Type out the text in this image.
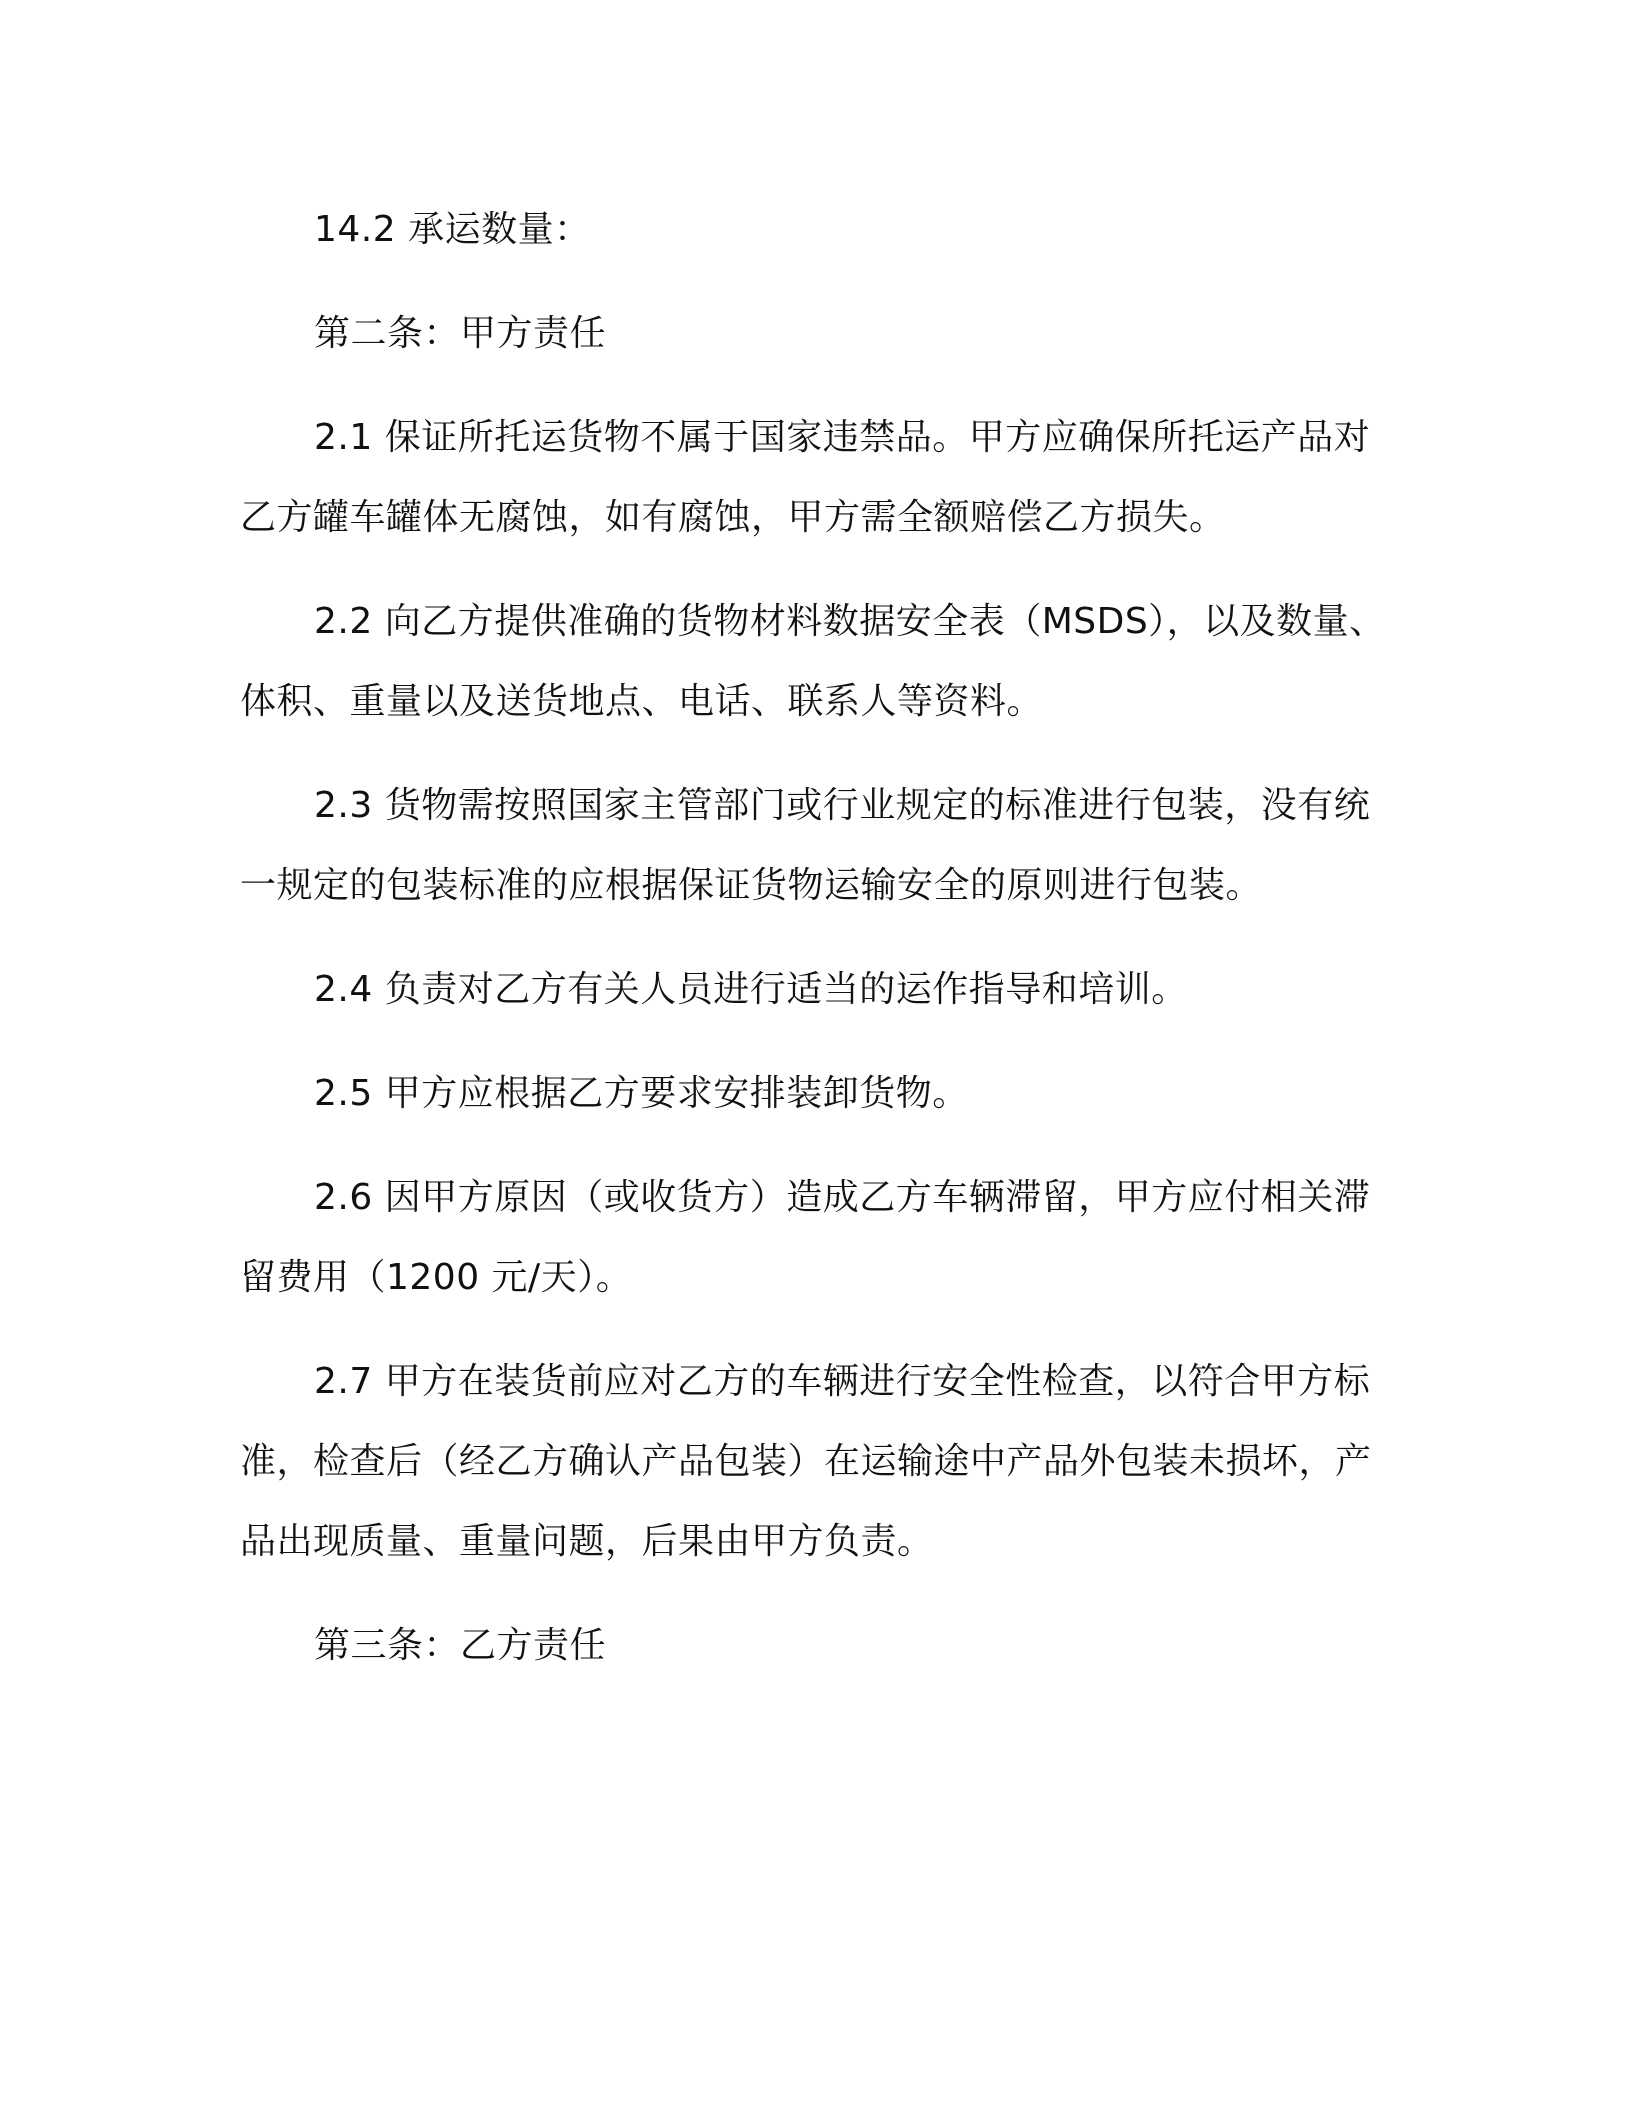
14.2 承运数量：

第二条：甲方责任

2.1 保证所托运货物不属于国家违禁品。甲方应确保所托运产品对乙方罐车罐体无腐蚀，如有腐蚀，甲方需全额赔偿乙方损失。

2.2 向乙方提供准确的货物材料数据安全表（MSDS），以及数量、体积、重量以及送货地点、电话、联系人等资料。

2.3 货物需按照国家主管部门或行业规定的标准进行包装，没有统一规定的包装标准的应根据保证货物运输安全的原则进行包装。

2.4 负责对乙方有关人员进行适当的运作指导和培训。

2.5 甲方应根据乙方要求安排装卸货物。

2.6 因甲方原因（或收货方）造成乙方车辆滞留，甲方应付相关滞留费用（1200 元/天）。

2.7 甲方在装货前应对乙方的车辆进行安全性检查，以符合甲方标准，检查后（经乙方确认产品包装）在运输途中产品外包装未损坏，产品出现质量、重量问题，后果由甲方负责。

第三条：乙方责任
